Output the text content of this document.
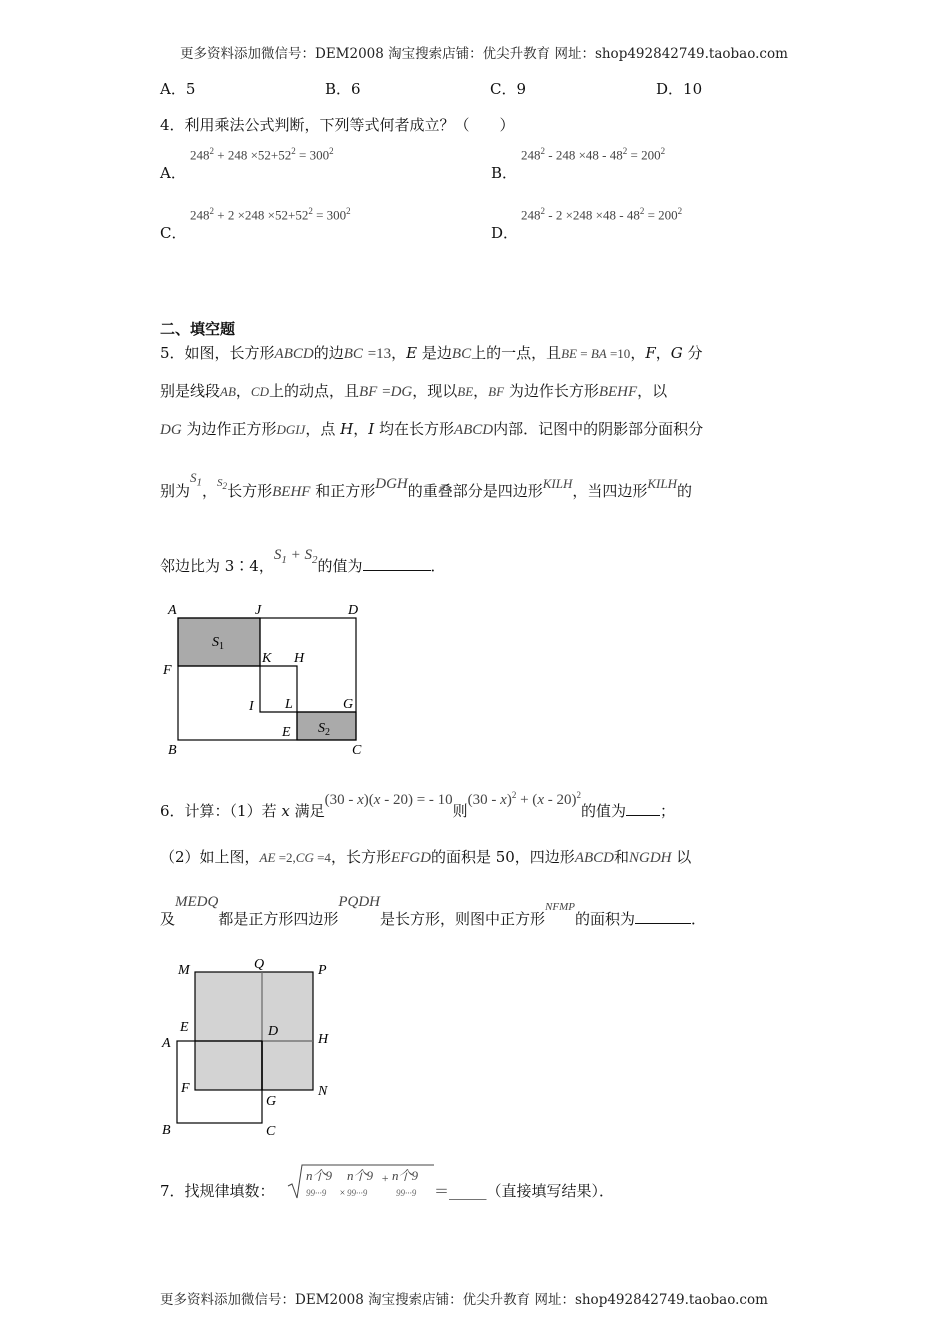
更多资料添加微信号：DEM2008 淘宝搜索店铺：优尖升教育 网址：shop492842749.taobao.com
A．5	B．6	C．9	D．10
4．利用乘法公式判断，下列等式何者成立？（　　）
A．
$248^2 + 248 \times 52+52^2 = 300^2$
B．
$248^2 - 248 \times 48 - 48^2 = 200^2$
C．
$248^2 + 2 \times 248 \times 52+52^2 = 300^2$
D．
$248^2 - 2 \times 248 \times 48 - 48^2 = 200^2$
二、填空题
5．如图，长方形ABCD的边BC =13，E 是边BC上的一点，且BE = BA =10，F，G 分
别是线段AB，CD上的动点，且BF =DG，现以BE，BF 为边作长方形BEHF，以
DG 为边作正方形DGIJ，点 H，I 均在长方形ABCD内部．记图中的阴影部分面积分
别为$S_1$，$^{S_2}$长方形BEHF 和正方形DGH的重叠部分是四边形KILH，当四边形KILH的
邻边比为 3∶4，$S_1 + S_2$的值为	．
A	J	D
F
K H
I L	G
B
E
C
$S_1$
$S_2$
6．计算：（1）若 x 满足(30 - x)(x - 20) = - 10则(30 - x)$^2$ + (x - 20)$^2$的值为 ；
（2）如上图，AE =2,CG =4，长方形EFGD的面积是 50，四边形ABCD和NGDH 以
及MEDQ都是正方形四边形PQDH是长方形，则图中正方形$^{NFMP}$的面积为	．
M	Q	P
E
A
D
H
F
G
N
B	C
7．找规律填数：
n个9
99···9 ×
n个9
99···9
+ n个9
99···9 ＝_____（直接填写结果）．
更多资料添加微信号：DEM2008 淘宝搜索店铺：优尖升教育 网址：shop492842749.taobao.com
